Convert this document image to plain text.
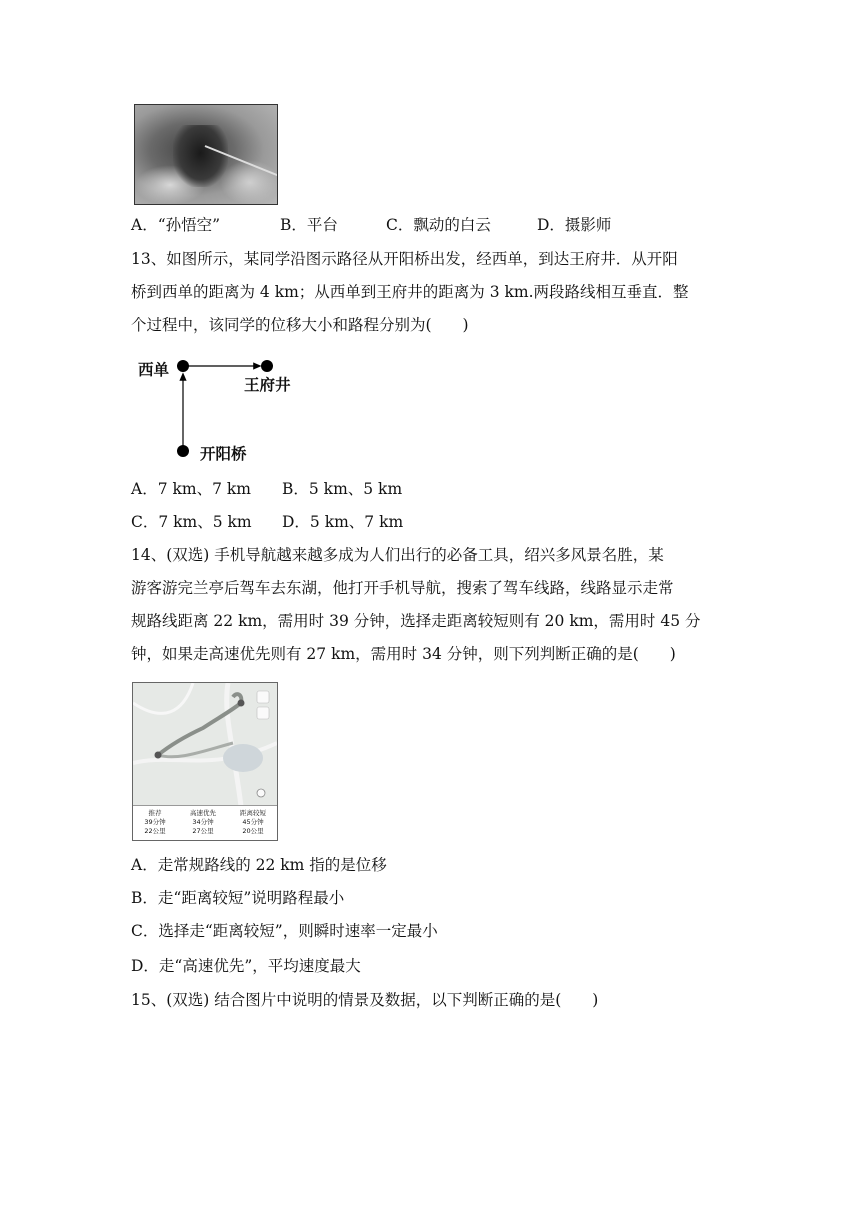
A．“孙悟空”	B．平台	C．飘动的白云	D．摄影师
13、如图所示，某同学沿图示路径从开阳桥出发，经西单，到达王府井．从开阳
桥到西单的距离为 4 km；从西单到王府井的距离为 3 km.两段路线相互垂直．整
个过程中，该同学的位移大小和路程分别为(　　)
西单
王府井
开阳桥
A．7 km、7 km B．5 km、5 km
C．7 km、5 km D．5 km、7 km
14、(双选) 手机导航越来越多成为人们出行的必备工具，绍兴多风景名胜，某
游客游完兰亭后驾车去东湖，他打开手机导航，搜索了驾车线路，线路显示走常
规路线距离 22 km，需用时 39 分钟，选择走距离较短则有 20 km，需用时 45 分
钟，如果走高速优先则有 27 km，需用时 34 分钟，则下列判断正确的是(　　)
推荐
39分钟
22公里
高速优先
34分钟
27公里
距离较短
45分钟
20公里
A．走常规路线的 22 km 指的是位移
B．走“距离较短”说明路程最小
C．选择走“距离较短”，则瞬时速率一定最小
D．走“高速优先”，平均速度最大
15、(双选) 结合图片中说明的情景及数据，以下判断正确的是(　　)
